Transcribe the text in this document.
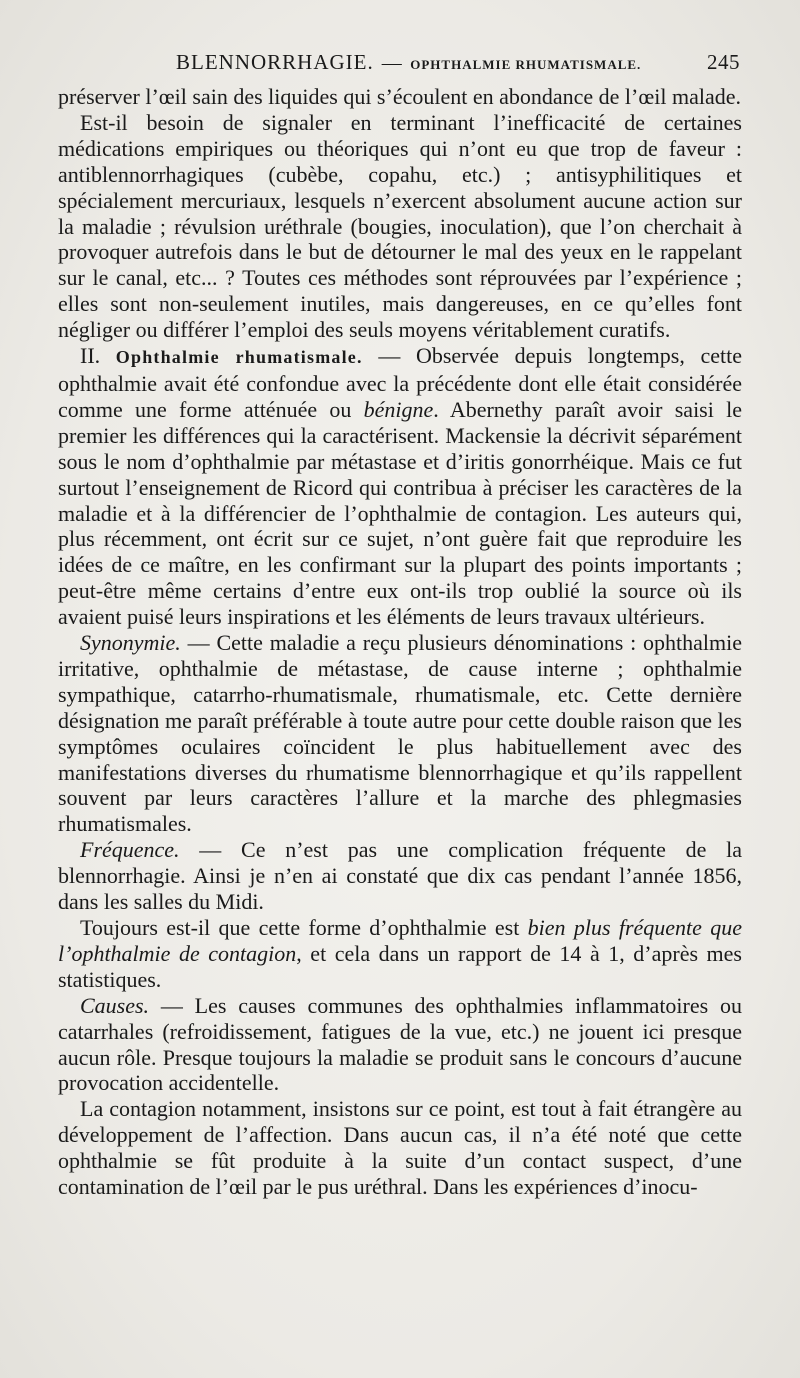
BLENNORRHAGIE. — OPHTHALMIE RHUMATISMALE.	245

préserver l’œil sain des liquides qui s’écoulent en abondance de l’œil malade.

Est-il besoin de signaler en terminant l’inefficacité de certaines médications empiriques ou théoriques qui n’ont eu que trop de faveur : antiblennorrhagiques (cubèbe, copahu, etc.) ; antisyphilitiques et spécialement mercuriaux, lesquels n’exercent absolument aucune action sur la maladie ; révulsion uréthrale (bougies, inoculation), que l’on cherchait à provoquer autrefois dans le but de détourner le mal des yeux en le rappelant sur le canal, etc... ? Toutes ces méthodes sont réprouvées par l’expérience ; elles sont non-seulement inutiles, mais dangereuses, en ce qu’elles font négliger ou différer l’emploi des seuls moyens véritablement curatifs.

II. Ophthalmie rhumatismale. — Observée depuis longtemps, cette ophthalmie avait été confondue avec la précédente dont elle était considérée comme une forme atténuée ou bénigne. Abernethy paraît avoir saisi le premier les différences qui la caractérisent. Mackensie la décrivit séparément sous le nom d’ophthalmie par métastase et d’iritis gonorrhéique. Mais ce fut surtout l’enseignement de Ricord qui contribua à préciser les caractères de la maladie et à la différencier de l’ophthalmie de contagion. Les auteurs qui, plus récemment, ont écrit sur ce sujet, n’ont guère fait que reproduire les idées de ce maître, en les confirmant sur la plupart des points importants ; peut-être même certains d’entre eux ont-ils trop oublié la source où ils avaient puisé leurs inspirations et les éléments de leurs travaux ultérieurs.

Synonymie. — Cette maladie a reçu plusieurs dénominations : ophthalmie irritative, ophthalmie de métastase, de cause interne ; ophthalmie sympathique, catarrho-rhumatismale, rhumatismale, etc. Cette dernière désignation me paraît préférable à toute autre pour cette double raison que les symptômes oculaires coïncident le plus habituellement avec des manifestations diverses du rhumatisme blennorrhagique et qu’ils rappellent souvent par leurs caractères l’allure et la marche des phlegmasies rhumatismales.

Fréquence. — Ce n’est pas une complication fréquente de la blennorrhagie. Ainsi je n’en ai constaté que dix cas pendant l’année 1856, dans les salles du Midi.

Toujours est-il que cette forme d’ophthalmie est bien plus fréquente que l’ophthalmie de contagion, et cela dans un rapport de 14 à 1, d’après mes statistiques.

Causes. — Les causes communes des ophthalmies inflammatoires ou catarrhales (refroidissement, fatigues de la vue, etc.) ne jouent ici presque aucun rôle. Presque toujours la maladie se produit sans le concours d’aucune provocation accidentelle.

La contagion notamment, insistons sur ce point, est tout à fait étrangère au développement de l’affection. Dans aucun cas, il n’a été noté que cette ophthalmie se fût produite à la suite d’un contact suspect, d’une contamination de l’œil par le pus uréthral. Dans les expériences d’inocu-
